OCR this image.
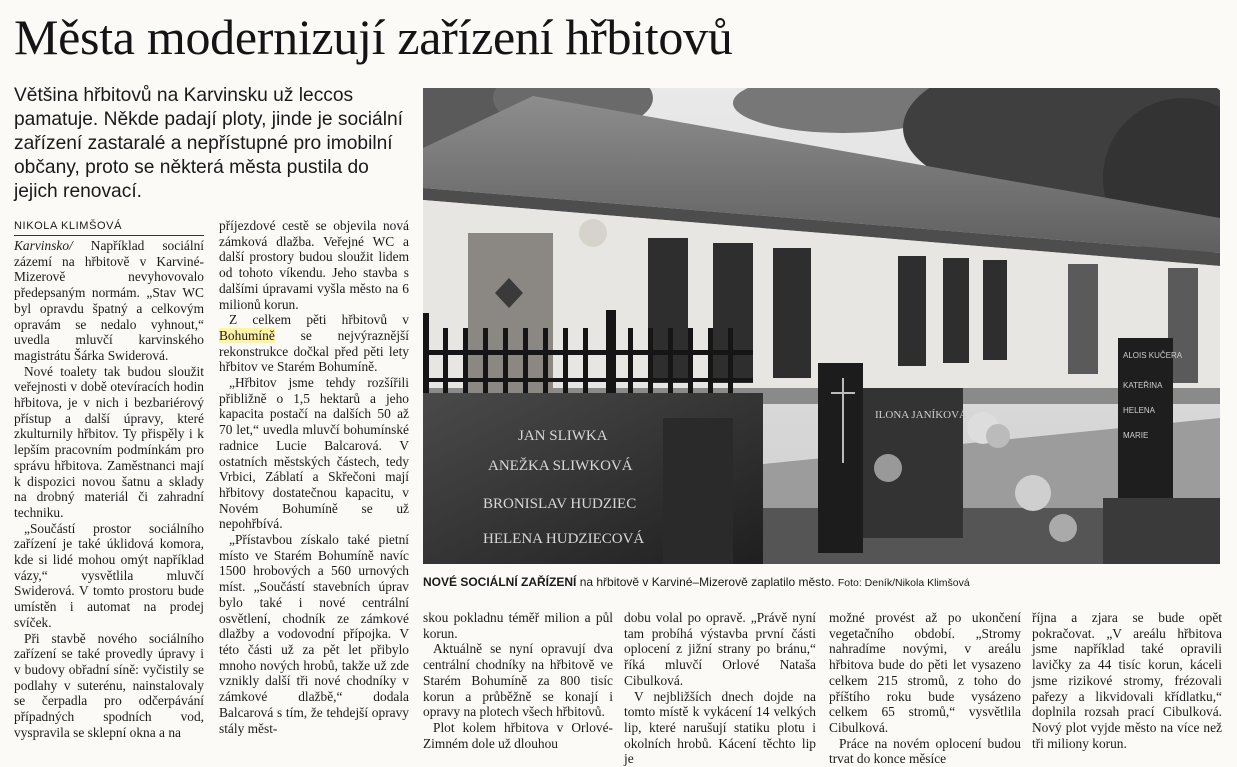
Města modernizují zařízení hřbitovů
Většina hřbitovů na Karvinsku už leccos pamatuje. Někde padají ploty, jinde je sociální zařízení zastaralé a nepřístupné pro imobilní občany, proto se některá města pustila do jejich renovací.
NIKOLA KLIMŠOVÁ

Karvinsko/ Například sociální zázemí na hřbitově v Karviné-Mizerově nevyhovovalo předepsaným normám. „Stav WC byl opravdu špatný a celkovým opravám se nedalo vyhnout,“ uvedla mluvčí karvinského magistrátu Šárka Swiderová.

Nové toalety tak budou sloužit veřejnosti v době otevíracích hodin hřbitova, je v nich i bezbariérový přístup a další úpravy, které zkulturnily hřbitov. Ty přispěly i k lepším pracovním podmínkám pro správu hřbitova. Zaměstnanci mají k dispozici novou šatnu a sklady na drobný materiál či zahradní techniku.

„Součástí prostor sociálního zařízení je také úklidová komora, kde si lidé mohou omýt například vázy,“ vysvětlila mluvčí Swiderová. V tomto prostoru bude umístěn i automat na prodej svíček.

Při stavbě nového sociálního zařízení se také provedly úpravy i v budovy obřadní síně: vyčistily se podlahy v suterénu, nainstalovaly se čerpadla pro odčerpávání případných spodních vod, vyspravila se sklepní okna a na

příjezdové cestě se objevila nová zámková dlažba. Veřejné WC a další prostory budou sloužit lidem od tohoto víkendu. Jeho stavba s dalšími úpravami vyšla město na 6 milionů korun.

Z celkem pěti hřbitovů v Bohumíně se nejvýraznější rekonstrukce dočkal před pěti lety hřbitov ve Starém Bohumíně.

„Hřbitov jsme tehdy rozšířili přibližně o 1,5 hektarů a jeho kapacita postačí na dalších 50 až 70 let,“ uvedla mluvčí bohumínské radnice Lucie Balcarová. V ostatních městských částech, tedy Vrbici, Záblatí a Skřečoni mají hřbitovy dostatečnou kapacitu, v Novém Bohumíně se už nepohřbívá.

„Přístavbou získalo také pietní místo ve Starém Bohumíně navíc 1500 hrobových a 560 urnových míst. „Součástí stavebních úprav bylo také i nové centrální osvětlení, chodník ze zámkové dlažby a vodovodní přípojka. V této části už za pět let přibylo mnoho nových hrobů, takže už zde vznikly další tři nové chodníky v zámkové dlažbě,“ dodala Balcarová s tím, že tehdejší opravy stály měst-

JAN SLIWKA
ANEŽKA SLIWKOVÁ
BRONISLAV HUDZIEC
HELENA HUDZIECOVÁ
ILONA JANÍKOVÁ
ALOIS KUČERA
KATEŘINA
HELENA
MARIE
NOVÉ SOCIÁLNÍ ZAŘÍZENÍ na hřbitově v Karviné–Mizerově zaplatilo město. Foto: Deník/Nikola Klimšová

skou pokladnu téměř milion a půl korun.

Aktuálně se nyní opravují dva centrální chodníky na hřbitově ve Starém Bohumíně za 800 tisíc korun a průběžně se konají i opravy na plotech všech hřbitovů.

Plot kolem hřbitova v Orlové-Zimném dole už dlouhou

dobu volal po opravě. „Právě nyní tam probíhá výstavba první části oplocení z jižní strany po bránu,“ říká mluvčí Orlové Nataša Cibulková.

V nejbližších dnech dojde na tomto místě k vykácení 14 velkých lip, které narušují statiku plotu i okolních hrobů. Kácení těchto lip je

možné provést až po ukončení vegetačního období. „Stromy nahradíme novými, v areálu hřbitova bude do pěti let vysazeno celkem 215 stromů, z toho do příštího roku bude vysázeno celkem 65 stromů,“ vysvětlila Cibulková.

Práce na novém oplocení budou trvat do konce měsíce

října a zjara se bude opět pokračovat. „V areálu hřbitova jsme například také opravili lavičky za 44 tisíc korun, káceli jsme rizikové stromy, frézovali pařezy a likvidovali křídlatku,“ doplnila rozsah prací Cibulková. Nový plot vyjde město na více než tři miliony korun.
